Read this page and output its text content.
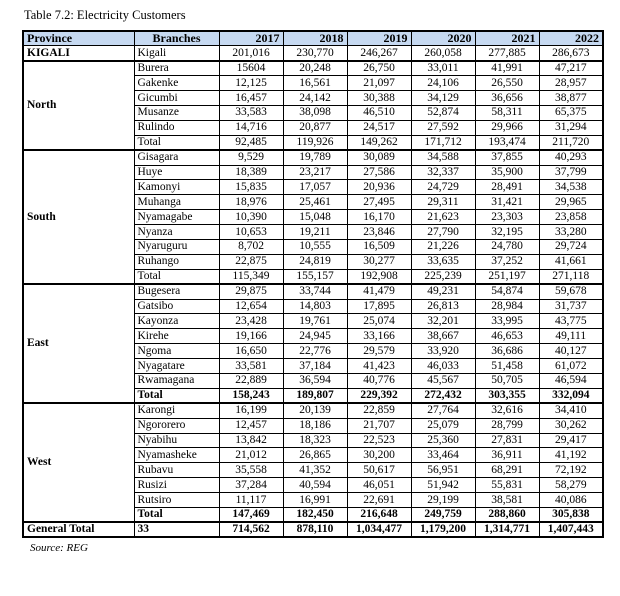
Table 7.2: Electricity Customers

Province	Branches	2017	2018	2019	2020	2021	2022
KIGALI	Kigali	201,016	230,770	246,267	260,058	277,885	286,673
North	Burera	15604	20,248	26,750	33,011	41,991	47,217
	Gakenke	12,125	16,561	21,097	24,106	26,550	28,957
	Gicumbi	16,457	24,142	30,388	34,129	36,656	38,877
	Musanze	33,583	38,098	46,510	52,874	58,311	65,375
	Rulindo	14,716	20,877	24,517	27,592	29,966	31,294
	Total	92,485	119,926	149,262	171,712	193,474	211,720
South	Gisagara	9,529	19,789	30,089	34,588	37,855	40,293
	Huye	18,389	23,217	27,586	32,337	35,900	37,799
	Kamonyi	15,835	17,057	20,936	24,729	28,491	34,538
	Muhanga	18,976	25,461	27,495	29,311	31,421	29,965
	Nyamagabe	10,390	15,048	16,170	21,623	23,303	23,858
	Nyanza	10,653	19,211	23,846	27,790	32,195	33,280
	Nyaruguru	8,702	10,555	16,509	21,226	24,780	29,724
	Ruhango	22,875	24,819	30,277	33,635	37,252	41,661
	Total	115,349	155,157	192,908	225,239	251,197	271,118
East	Bugesera	29,875	33,744	41,479	49,231	54,874	59,678
	Gatsibo	12,654	14,803	17,895	26,813	28,984	31,737
	Kayonza	23,428	19,761	25,074	32,201	33,995	43,775
	Kirehe	19,166	24,945	33,166	38,667	46,653	49,111
	Ngoma	16,650	22,776	29,579	33,920	36,686	40,127
	Nyagatare	33,581	37,184	41,423	46,033	51,458	61,072
	Rwamagana	22,889	36,594	40,776	45,567	50,705	46,594
	Total	158,243	189,807	229,392	272,432	303,355	332,094
West	Karongi	16,199	20,139	22,859	27,764	32,616	34,410
	Ngororero	12,457	18,186	21,707	25,079	28,799	30,262
	Nyabihu	13,842	18,323	22,523	25,360	27,831	29,417
	Nyamasheke	21,012	26,865	30,200	33,464	36,911	41,192
	Rubavu	35,558	41,352	50,617	56,951	68,291	72,192
	Rusizi	37,284	40,594	46,051	51,942	55,831	58,279
	Rutsiro	11,117	16,991	22,691	29,199	38,581	40,086
	Total	147,469	182,450	216,648	249,759	288,860	305,838
General Total	33	714,562	878,110	1,034,477	1,179,200	1,314,771	1,407,443

Source: REG
